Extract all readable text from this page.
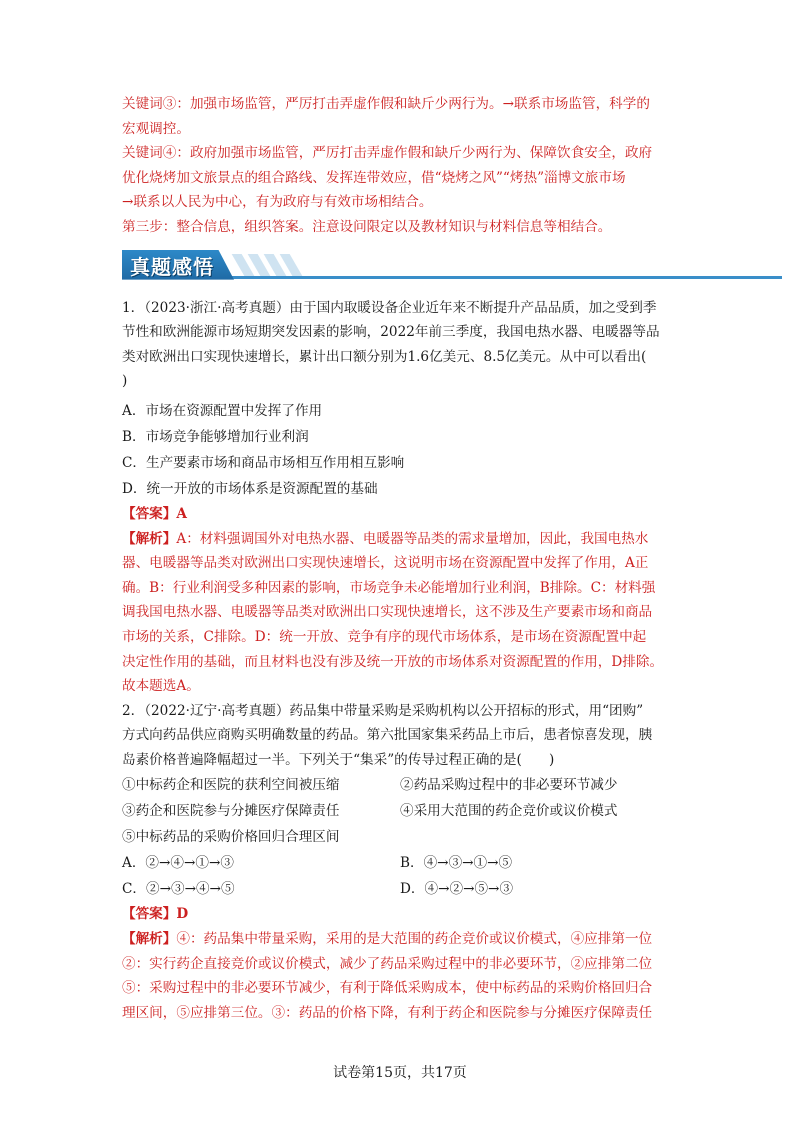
关键词③：加强市场监管，严厉打击弄虚作假和缺斤少两行为。→联系市场监管，科学的
宏观调控。
关键词④：政府加强市场监管，严厉打击弄虚作假和缺斤少两行为、保障饮食安全，政府
优化烧烤加文旅景点的组合路线、发挥连带效应，借“烧烤之风”“烤热”淄博文旅市场
→联系以人民为中心，有为政府与有效市场相结合。
第三步：整合信息，组织答案。注意设问限定以及教材知识与材料信息等相结合。
真题感悟
1．（2023·浙江·高考真题）由于国内取暖设备企业近年来不断提升产品品质，加之受到季
节性和欧洲能源市场短期突发因素的影响，2022年前三季度，我国电热水器、电暖器等品
类对欧洲出口实现快速增长，累计出口额分别为1.6亿美元、8.5亿美元。从中可以看出(
)
A．市场在资源配置中发挥了作用
B．市场竞争能够增加行业利润
C．生产要素市场和商品市场相互作用相互影响
D．统一开放的市场体系是资源配置的基础
【答案】A
【解析】A：材料强调国外对电热水器、电暖器等品类的需求量增加，因此，我国电热水
器、电暖器等品类对欧洲出口实现快速增长，这说明市场在资源配置中发挥了作用，A正
确。B：行业利润受多种因素的影响，市场竞争未必能增加行业利润，B排除。C：材料强
调我国电热水器、电暖器等品类对欧洲出口实现快速增长，这不涉及生产要素市场和商品
市场的关系，C排除。D：统一开放、竞争有序的现代市场体系，是市场在资源配置中起
决定性作用的基础，而且材料也没有涉及统一开放的市场体系对资源配置的作用，D排除。
故本题选A。
2．（2022·辽宁·高考真题）药品集中带量采购是采购机构以公开招标的形式，用“团购”
方式向药品供应商购买明确数量的药品。第六批国家集采药品上市后，患者惊喜发现，胰
岛素价格普遍降幅超过一半。下列关于“集采”的传导过程正确的是(　　)
①中标药企和医院的获利空间被压缩	②药品采购过程中的非必要环节减少
③药企和医院参与分摊医疗保障责任	④采用大范围的药企竞价或议价模式
⑤中标药品的采购价格回归合理区间
A．②→④→①→③	B．④→③→①→⑤
C．②→③→④→⑤	D．④→②→⑤→③
【答案】D
【解析】④：药品集中带量采购，采用的是大范围的药企竞价或议价模式，④应排第一位
②：实行药企直接竞价或议价模式，减少了药品采购过程中的非必要环节，②应排第二位
⑤：采购过程中的非必要环节减少，有利于降低采购成本，使中标药品的采购价格回归合
理区间，⑤应排第三位。③：药品的价格下降，有利于药企和医院参与分摊医疗保障责任
试卷第15页，共17页
